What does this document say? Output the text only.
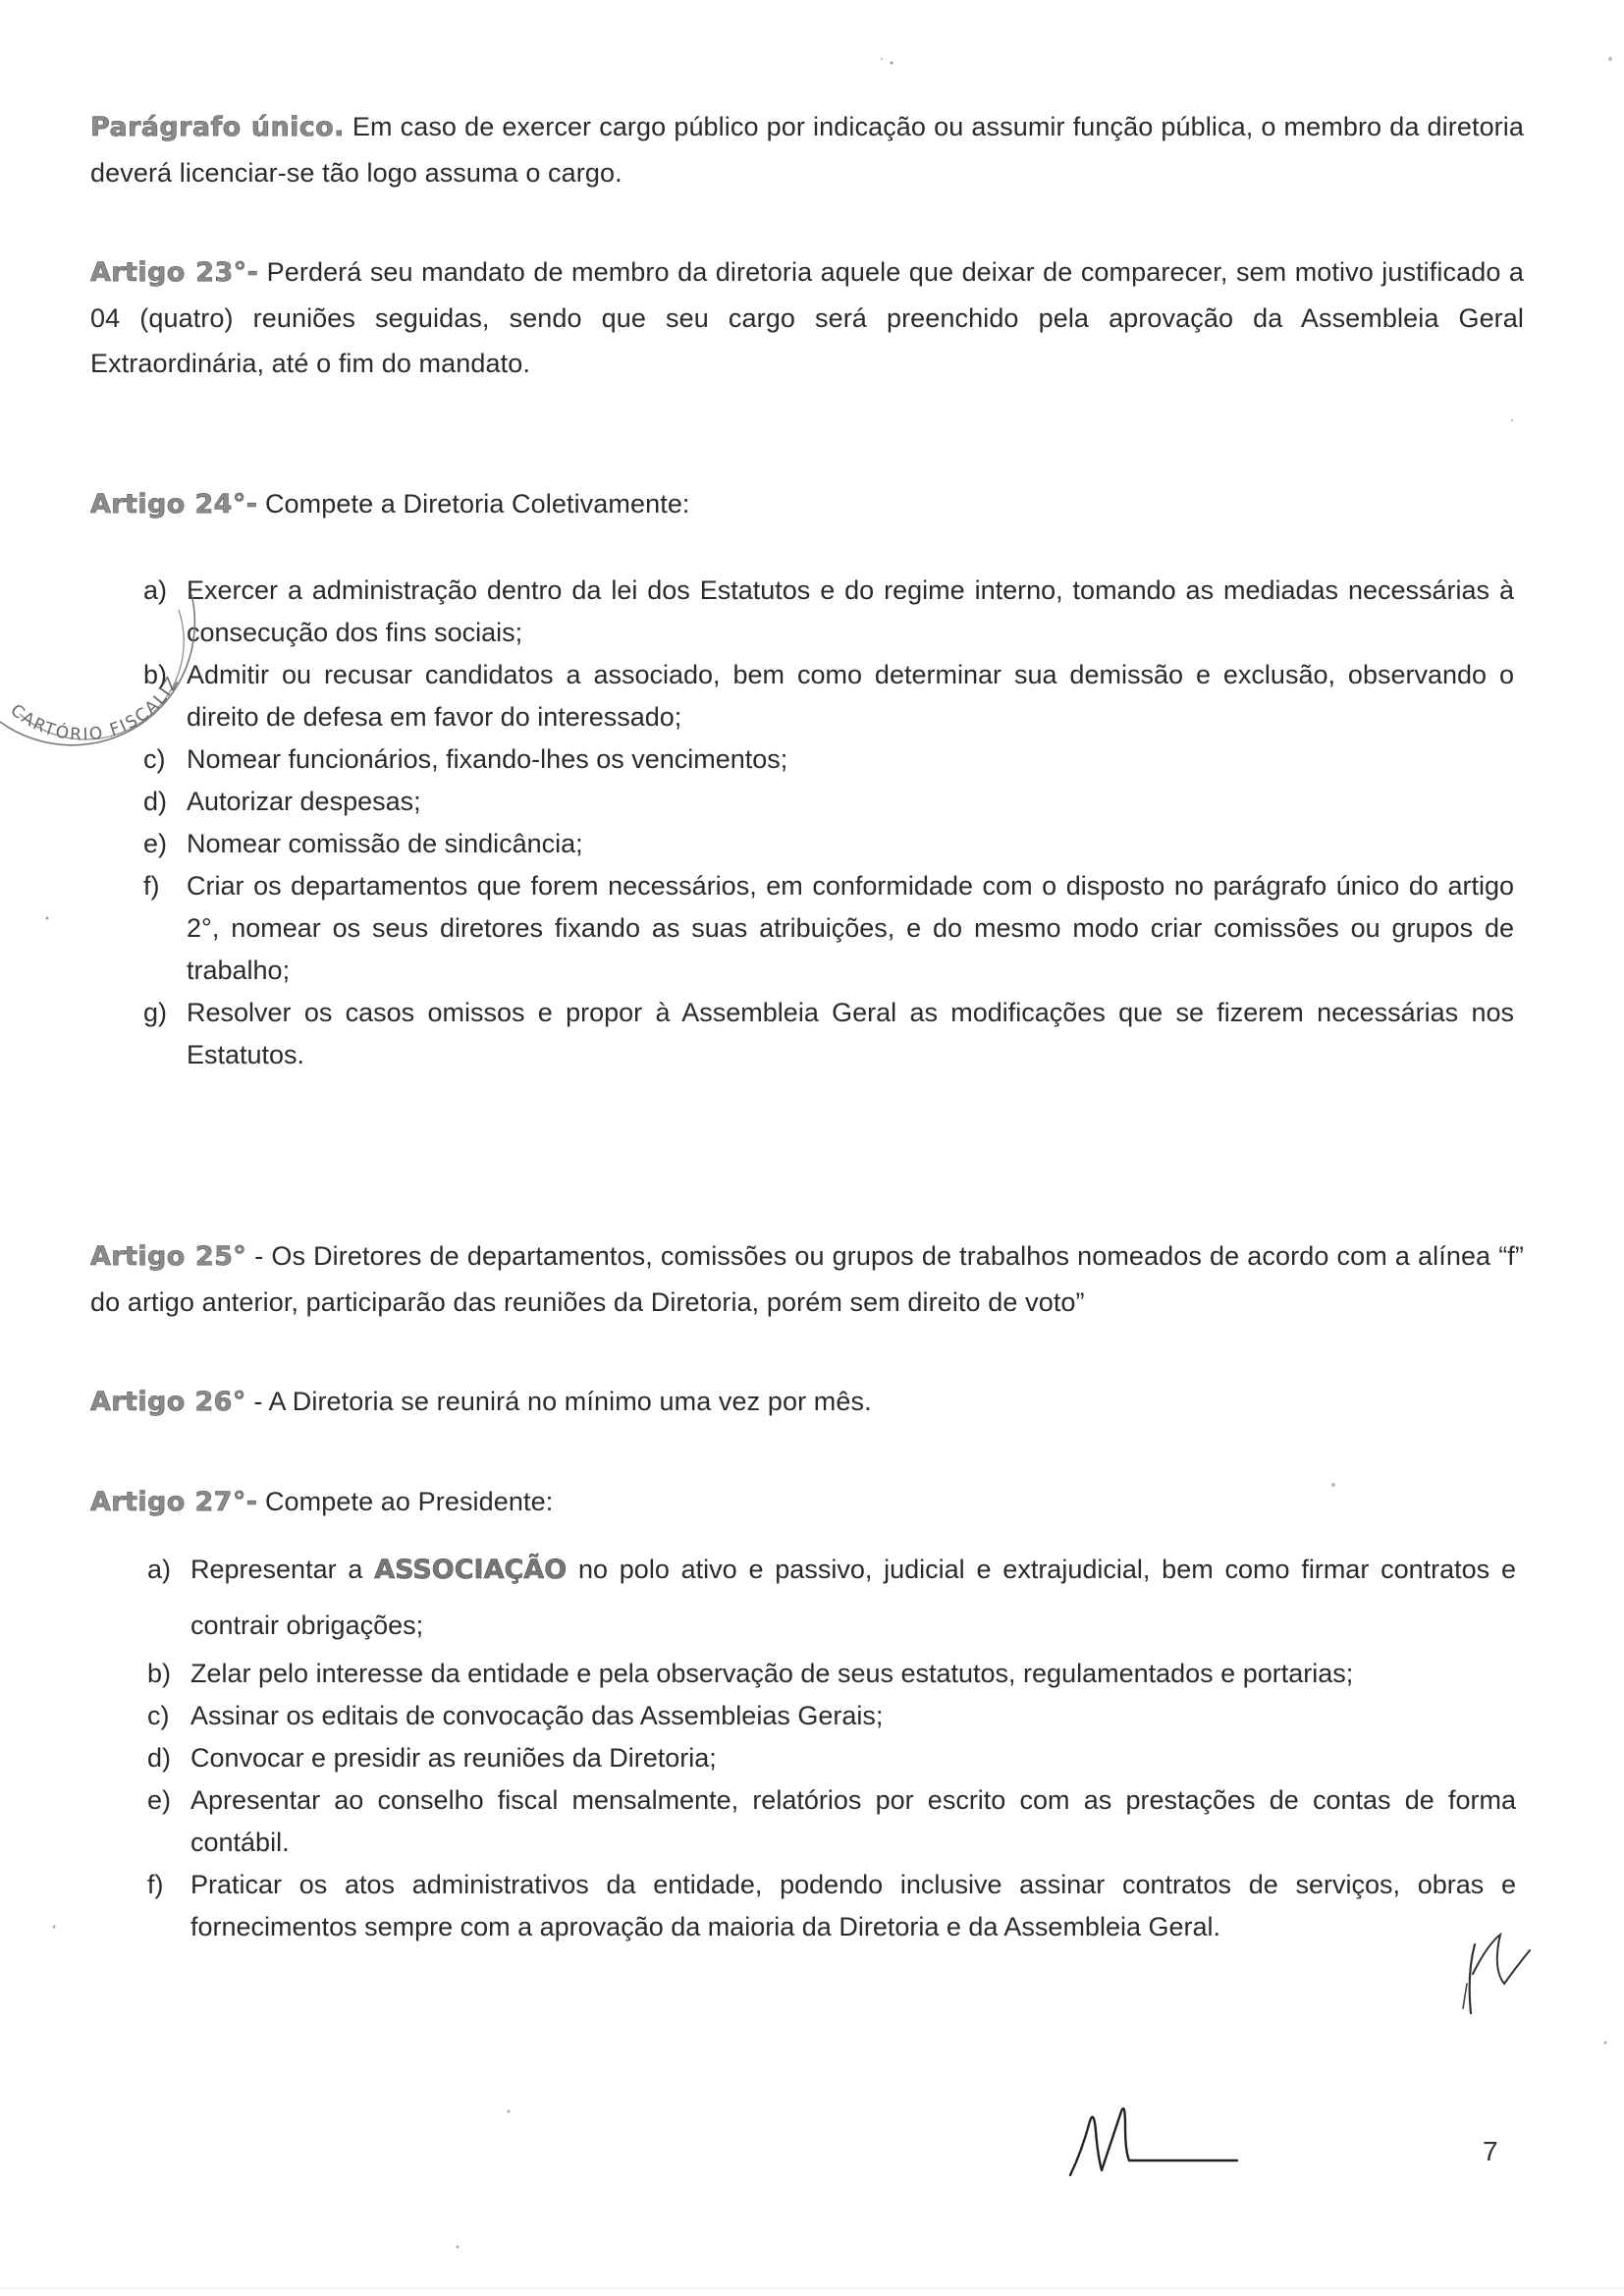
Parágrafo único. Em caso de exercer cargo público por indicação ou assumir função pública, o membro da diretoria deverá licenciar-se tão logo assuma o cargo.

Artigo 23°- Perderá seu mandato de membro da diretoria aquele que deixar de comparecer, sem motivo justificado a 04 (quatro) reuniões seguidas, sendo que seu cargo será preenchido pela aprovação da Assembleia Geral Extraordinária, até o fim do mandato.

Artigo 24°- Compete a Diretoria Coletivamente:

a) Exercer a administração dentro da lei dos Estatutos e do regime interno, tomando as mediadas necessárias à consecução dos fins sociais;
b) Admitir ou recusar candidatos a associado, bem como determinar sua demissão e exclusão, observando o direito de defesa em favor do interessado;
c) Nomear funcionários, fixando-lhes os vencimentos;
d) Autorizar despesas;
e) Nomear comissão de sindicância;
f)	Criar os departamentos que forem necessários, em conformidade com o disposto no parágrafo único do artigo 2°, nomear os seus diretores fixando as suas atribuições, e do mesmo modo criar comissões ou grupos de trabalho;
g) Resolver os casos omissos e propor à Assembleia Geral as modificações que se fizerem necessárias nos Estatutos.

Artigo 25° - Os Diretores de departamentos, comissões ou grupos de trabalhos nomeados de acordo com a alínea “f” do artigo anterior, participarão das reuniões da Diretoria, porém sem direito de voto”

Artigo 26° - A Diretoria se reunirá no mínimo uma vez por mês.

Artigo 27°- Compete ao Presidente:

a) Representar a ASSOCIAÇÃO no polo ativo e passivo, judicial e extrajudicial, bem como firmar contratos e contrair obrigações;
b) Zelar pelo interesse da entidade e pela observação de seus estatutos, regulamentados e portarias;
c) Assinar os editais de convocação das Assembleias Gerais;
d) Convocar e presidir as reuniões da Diretoria;
e) Apresentar ao conselho fiscal mensalmente, relatórios por escrito com as prestações de contas de forma contábil.
f)	Praticar os atos administrativos da entidade, podendo inclusive assinar contratos de serviços, obras e fornecimentos sempre com a aprovação da maioria da Diretoria e da Assembleia Geral.
CARTÓRIO FISCALIZ
7
